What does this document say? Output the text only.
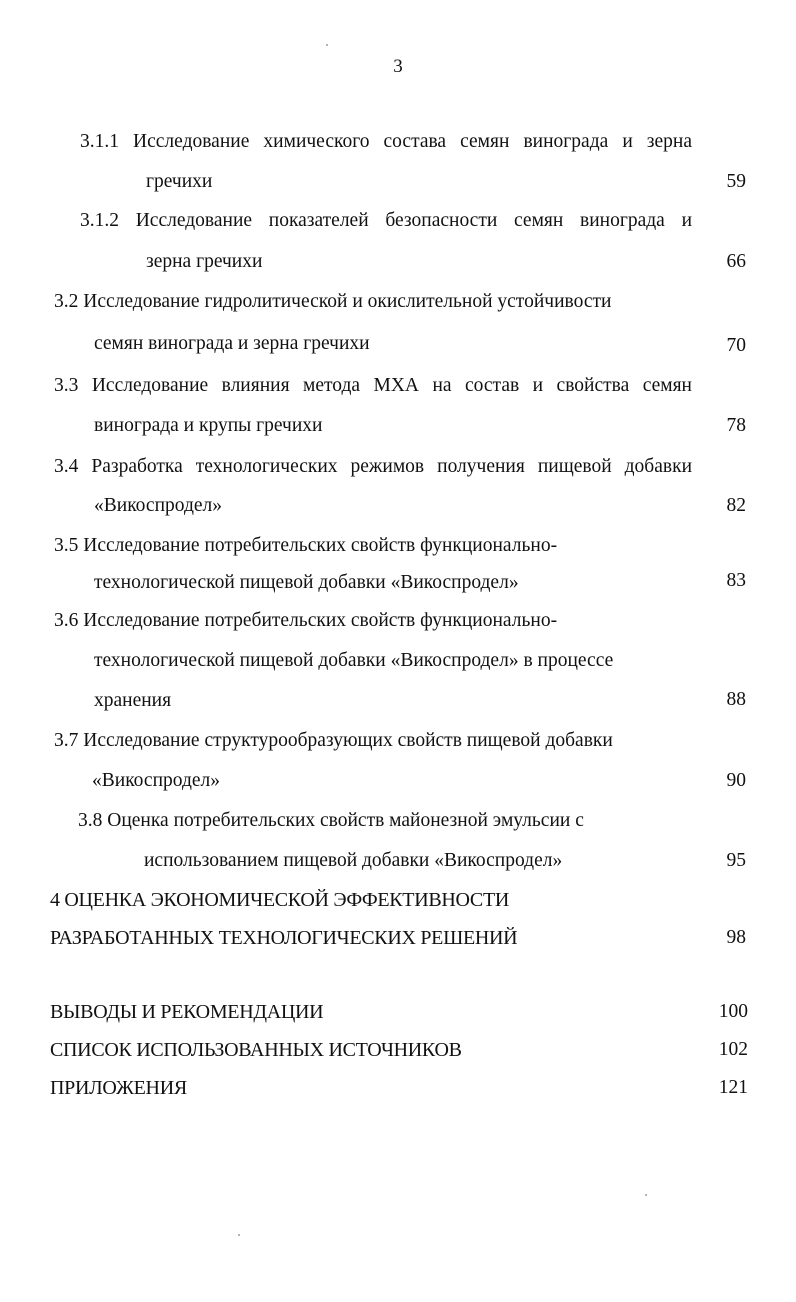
3
3.1.1 Исследование химического состава семян винограда и зерна
гречихи	59
3.1.2 Исследование показателей безопасности семян винограда и
зерна гречихи	66
3.2 Исследование гидролитической и окислительной устойчивости
семян винограда и зерна гречихи	70
3.3 Исследование влияния метода МХА на состав и свойства семян
винограда и крупы гречихи	78
3.4 Разработка технологических режимов получения пищевой добавки
«Викоспродел»	82
3.5 Исследование потребительских свойств функционально-
технологической пищевой добавки «Викоспродел»	83
3.6 Исследование потребительских свойств функционально-
технологической пищевой добавки «Викоспродел» в процессе
хранения	88
3.7 Исследование структурообразующих свойств пищевой добавки
«Викоспродел»	90
3.8 Оценка потребительских свойств майонезной эмульсии с
использованием пищевой добавки «Викоспродел»	95
4 ОЦЕНКА ЭКОНОМИЧЕСКОЙ ЭФФЕКТИВНОСТИ
РАЗРАБОТАННЫХ ТЕХНОЛОГИЧЕСКИХ РЕШЕНИЙ	98
ВЫВОДЫ И РЕКОМЕНДАЦИИ	100
СПИСОК ИСПОЛЬЗОВАННЫХ ИСТОЧНИКОВ	102
ПРИЛОЖЕНИЯ	121
